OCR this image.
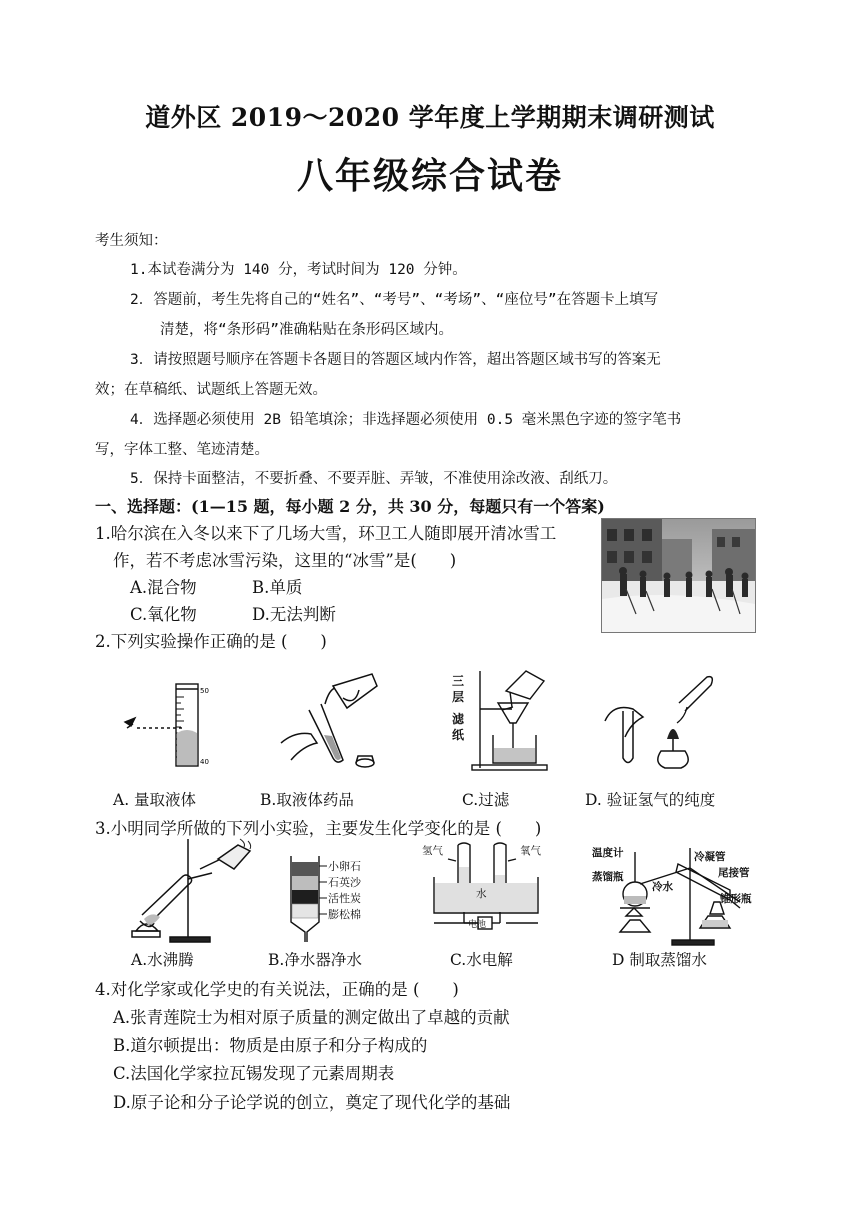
道外区 2019～2020 学年度上学期期末调研测试
八年级综合试卷
考生须知：
1.本试卷满分为 140 分，考试时间为 120 分钟。
2．答题前，考生先将自己的“姓名”、“考号”、“考场”、“座位号”在答题卡上填写
清楚，将“条形码”准确粘贴在条形码区域内。
3．请按照题号顺序在答题卡各题目的答题区域内作答，超出答题区域书写的答案无
效；在草稿纸、试题纸上答题无效。
4．选择题必须使用 2B 铅笔填涂；非选择题必须使用 0.5 毫米黑色字迹的签字笔书
写，字体工整、笔迹清楚。
5．保持卡面整洁，不要折叠、不要弄脏、弄皱，不准使用涂改液、刮纸刀。
一、选择题：(1—15 题，每小题 2 分，共 30 分，每题只有一个答案)
1.哈尔滨在入冬以来下了几场大雪，环卫工人随即展开清冰雪工
作，若不考虑冰雪污染，这里的“冰雪”是(　　)
A.混合物	B.单质
C.氧化物	D.无法判断
2.下列实验操作正确的是 (　　)
50
40
三
层
滤
纸
A. 量取液体	B.取液体药品	C.过滤	D. 验证氢气的纯度
3.小明同学所做的下列小实验，主要发生化学变化的是 (　　)
小卵石
石英沙
活性炭
膨松棉
氢气	氧气
水
电池
温度计	冷凝管
蒸馏瓶
冷水
尾接管
锥形瓶
A.水沸腾	B.净水器净水	C.水电解	D 制取蒸馏水
4.对化学家或化学史的有关说法，正确的是 (　　)
A.张青莲院士为相对原子质量的测定做出了卓越的贡献
B.道尔顿提出：物质是由原子和分子构成的
C.法国化学家拉瓦锡发现了元素周期表
D.原子论和分子论学说的创立，奠定了现代化学的基础
